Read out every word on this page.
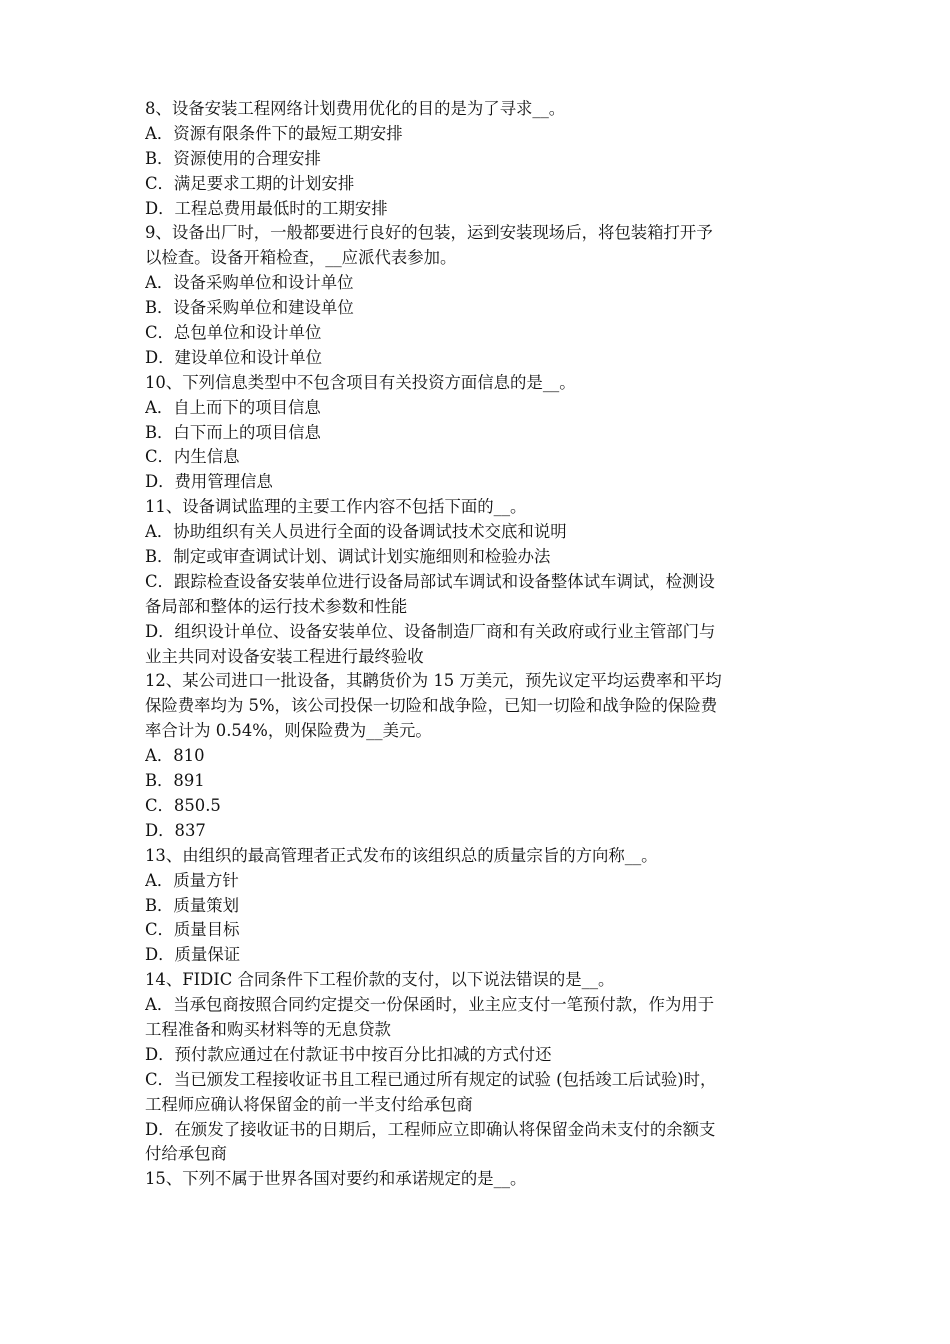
8、设备安装工程网络计划费用优化的目的是为了寻求__。
A．资源有限条件下的最短工期安排
B．资源使用的合理安排
C．满足要求工期的计划安排
D．工程总费用最低时的工期安排
9、设备出厂时，一般都要进行良好的包装，运到安装现场后，将包装箱打开予
以检查。设备开箱检查，__应派代表参加。
A．设备采购单位和设计单位
B．设备采购单位和建设单位
C．总包单位和设计单位
D．建设单位和设计单位
10、下列信息类型中不包含项目有关投资方面信息的是__。
A．自上而下的项目信息
B．白下而上的项目信息
C．内生信息
D．费用管理信息
11、设备调试监理的主要工作内容不包括下面的__。
A．协助组织有关人员进行全面的设备调试技术交底和说明
B．制定或审查调试计划、调试计划实施细则和检验办法
C．跟踪检查设备安装单位进行设备局部试车调试和设备整体试车调试，检测设
备局部和整体的运行技术参数和性能
D．组织设计单位、设备安装单位、设备制造厂商和有关政府或行业主管部门与
业主共同对设备安装工程进行最终验收
12、某公司进口一批设备，其䴙货价为 15 万美元，预先议定平均运费率和平均
保险费率均为 5%，该公司投保一切险和战争险，已知一切险和战争险的保险费
率合计为 0.54%，则保险费为__美元。
A．810
B．891
C．850.5
D．837
13、由组织的最高管理者正式发布的该组织总的质量宗旨的方向称__。
A．质量方针
B．质量策划
C．质量目标
D．质量保证
14、FIDIC 合同条件下工程价款的支付，以下说法错误的是__。
A．当承包商按照合同约定提交一份保函时，业主应支付一笔预付款，作为用于
工程准备和购买材料等的无息贷款
D．预付款应通过在付款证书中按百分比扣减的方式付还
C．当已颁发工程接收证书且工程已通过所有规定的试验 (包括竣工后试验)时，
工程师应确认将保留金的前一半支付给承包商
D．在颁发了接收证书的日期后，工程师应立即确认将保留金尚未支付的余额支
付给承包商
15、下列不属于世界各国对要约和承诺规定的是__。
